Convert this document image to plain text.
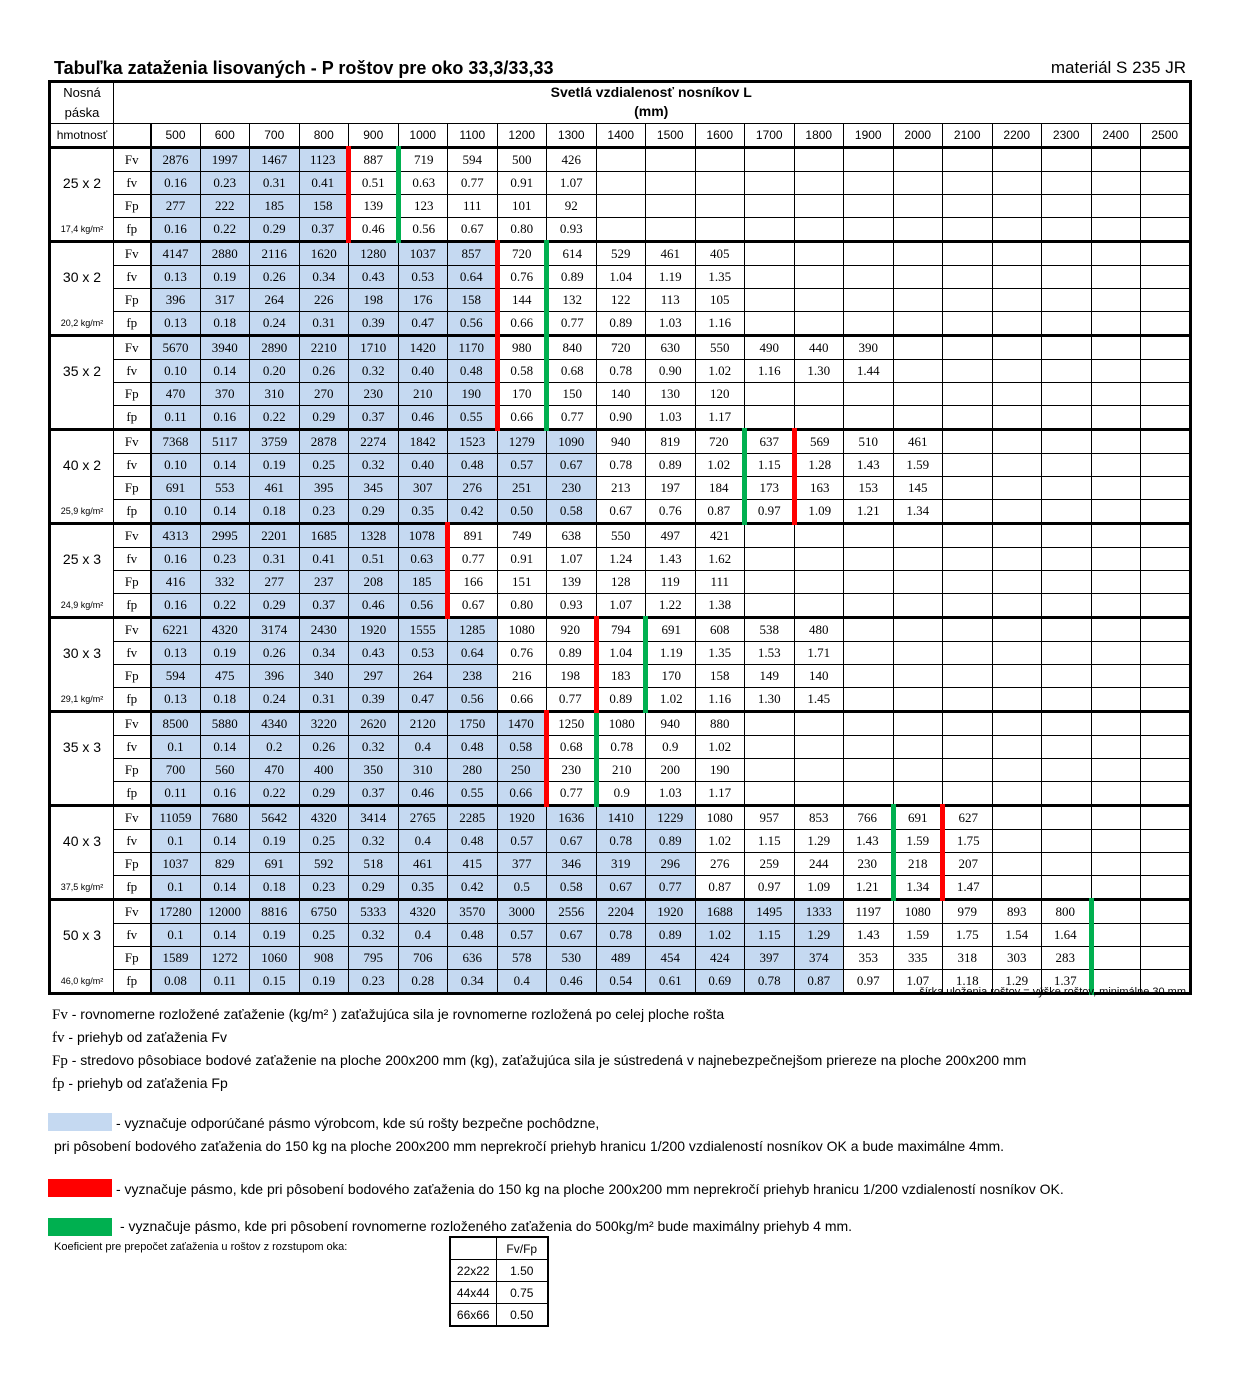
Tabuľka zataženia lisovaných - P roštov pre oko 33,3/33,33	materiál S 235 JR
Nosná
páska	Svetlá vzdialenosť nosníkov L
(mm)																					
hmotnosť		500	600	700	800	900	1000	1100	1200	1300	1400	1500	1600	1700	1800	1900	2000	2100	2200	2300	2400	2500
	Fv	2876	1997	1467	1123	887	719	594	500	426												
25 x 2	fv	0.16	0.23	0.31	0.41	0.51	0.63	0.77	0.91	1.07												
	Fp	277	222	185	158	139	123	111	101	92												
17,4 kg/m²	fp	0.16	0.22	0.29	0.37	0.46	0.56	0.67	0.80	0.93												
	Fv	4147	2880	2116	1620	1280	1037	857	720	614	529	461	405									
30 x 2	fv	0.13	0.19	0.26	0.34	0.43	0.53	0.64	0.76	0.89	1.04	1.19	1.35									
	Fp	396	317	264	226	198	176	158	144	132	122	113	105									
20,2 kg/m²	fp	0.13	0.18	0.24	0.31	0.39	0.47	0.56	0.66	0.77	0.89	1.03	1.16									
	Fv	5670	3940	2890	2210	1710	1420	1170	980	840	720	630	550	490	440	390						
35 x 2	fv	0.10	0.14	0.20	0.26	0.32	0.40	0.48	0.58	0.68	0.78	0.90	1.02	1.16	1.30	1.44						
	Fp	470	370	310	270	230	210	190	170	150	140	130	120									
	fp	0.11	0.16	0.22	0.29	0.37	0.46	0.55	0.66	0.77	0.90	1.03	1.17									
	Fv	7368	5117	3759	2878	2274	1842	1523	1279	1090	940	819	720	637	569	510	461					
40 x 2	fv	0.10	0.14	0.19	0.25	0.32	0.40	0.48	0.57	0.67	0.78	0.89	1.02	1.15	1.28	1.43	1.59					
	Fp	691	553	461	395	345	307	276	251	230	213	197	184	173	163	153	145					
25,9 kg/m²	fp	0.10	0.14	0.18	0.23	0.29	0.35	0.42	0.50	0.58	0.67	0.76	0.87	0.97	1.09	1.21	1.34					
	Fv	4313	2995	2201	1685	1328	1078	891	749	638	550	497	421									
25 x 3	fv	0.16	0.23	0.31	0.41	0.51	0.63	0.77	0.91	1.07	1.24	1.43	1.62									
	Fp	416	332	277	237	208	185	166	151	139	128	119	111									
24,9 kg/m²	fp	0.16	0.22	0.29	0.37	0.46	0.56	0.67	0.80	0.93	1.07	1.22	1.38									
	Fv	6221	4320	3174	2430	1920	1555	1285	1080	920	794	691	608	538	480							
30 x 3	fv	0.13	0.19	0.26	0.34	0.43	0.53	0.64	0.76	0.89	1.04	1.19	1.35	1.53	1.71							
	Fp	594	475	396	340	297	264	238	216	198	183	170	158	149	140							
29,1 kg/m²	fp	0.13	0.18	0.24	0.31	0.39	0.47	0.56	0.66	0.77	0.89	1.02	1.16	1.30	1.45							
	Fv	8500	5880	4340	3220	2620	2120	1750	1470	1250	1080	940	880									
35 x 3	fv	0.1	0.14	0.2	0.26	0.32	0.4	0.48	0.58	0.68	0.78	0.9	1.02									
	Fp	700	560	470	400	350	310	280	250	230	210	200	190									
	fp	0.11	0.16	0.22	0.29	0.37	0.46	0.55	0.66	0.77	0.9	1.03	1.17									
	Fv	11059	7680	5642	4320	3414	2765	2285	1920	1636	1410	1229	1080	957	853	766	691	627				
40 x 3	fv	0.1	0.14	0.19	0.25	0.32	0.4	0.48	0.57	0.67	0.78	0.89	1.02	1.15	1.29	1.43	1.59	1.75				
	Fp	1037	829	691	592	518	461	415	377	346	319	296	276	259	244	230	218	207				
37,5 kg/m²	fp	0.1	0.14	0.18	0.23	0.29	0.35	0.42	0.5	0.58	0.67	0.77	0.87	0.97	1.09	1.21	1.34	1.47				
	Fv	17280	12000	8816	6750	5333	4320	3570	3000	2556	2204	1920	1688	1495	1333	1197	1080	979	893	800		
50 x 3	fv	0.1	0.14	0.19	0.25	0.32	0.4	0.48	0.57	0.67	0.78	0.89	1.02	1.15	1.29	1.43	1.59	1.75	1.54	1.64		
	Fp	1589	1272	1060	908	795	706	636	578	530	489	454	424	397	374	353	335	318	303	283		
46,0 kg/m²	fp	0.08	0.11	0.15	0.19	0.23	0.28	0.34	0.4	0.46	0.54	0.61	0.69	0.78	0.87	0.97	1.07	1.18	1.29	1.37		
šírka uloženia roštov = výške roštov, minimálne 30 mm
Fv - rovnomerne rozložené zaťaženie (kg/m² ) zaťažujúca sila je rovnomerne rozložená po celej ploche rošta
fv - priehyb od zaťaženia Fv
Fp - stredovo pôsobiace bodové zaťaženie na ploche 200x200 mm (kg), zaťažujúca sila je sústredená v najnebezpečnejšom priereze na ploche 200x200 mm
fp - priehyb od zaťaženia Fp
- vyznačuje odporúčané pásmo výrobcom, kde sú rošty bezpečne pochôdzne,
pri pôsobení bodového zaťaženia do 150 kg na ploche 200x200 mm neprekročí priehyb hranicu 1/200 vzdialeností nosníkov OK a bude maximálne 4mm.
- vyznačuje pásmo, kde pri pôsobení bodového zaťaženia do 150 kg na ploche 200x200 mm neprekročí priehyb hranicu 1/200 vzdialeností nosníkov OK.
- vyznačuje pásmo, kde pri pôsobení rovnomerne rozloženého zaťaženia do 500kg/m² bude maximálny priehyb 4 mm.
Koeficient pre prepočet zaťaženia u roštov z rozstupom oka:
		Fv/Fp
22x22	1.50
44x44	0.75
66x66	0.50
